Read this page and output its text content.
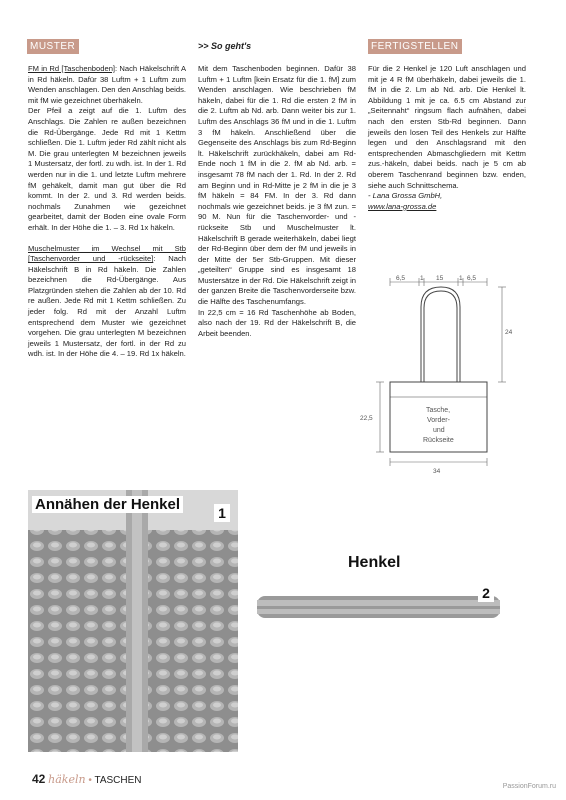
MUSTER	>> So geht's	FERTIGSTELLEN

FM in Rd [Taschenboden]: Nach Häkelschrift A in Rd häkeln. Dafür 38 Luftm + 1 Luftm zum Wenden anschlagen. Den den Anschlag beids. mit fM wie gezeichnet überhäkeln.

Der Pfeil a zeigt auf die 1. Luftm des Anschlags. Die Zahlen re außen bezeichnen die Rd-Übergänge. Jede Rd mit 1 Kettm schließen. Die 1. Luftm jeder Rd zählt nicht als M. Die grau unterlegten M bezeichnen jeweils 1 Mustersatz, der fortl. zu wdh. ist. In der 1. Rd werden nur in die 1. und letzte Luftm mehrere fM gehäkelt, damit man gut über die Rd kommt. In der 2. und 3. Rd werden beids. nochmals Zunahmen wie gezeichnet gearbeitet, damit der Boden eine ovale Form erhält. In der Höhe die 1. – 3. Rd 1x häkeln.

Muschelmuster im Wechsel mit Stb [Taschenvorder und -rückseite]: Nach Häkelschrift B in Rd häkeln. Die Zahlen bezeichnen die Rd-Übergänge. Aus Platzgründen stehen die Zahlen ab der 10. Rd re außen. Jede Rd mit 1 Kettm schließen. Zu jeder folg. Rd mit der Anzahl Luftm entsprechend dem Muster wie gezeichnet vorgehen. Die grau unterlegten M bezeichnen jeweils 1 Mustersatz, der fortl. in der Rd zu wdh. ist. In der Höhe die 4. – 19. Rd 1x häkeln.

Mit dem Taschenboden beginnen. Dafür 38 Luftm + 1 Luftm [kein Ersatz für die 1. fM] zum Wenden anschlagen. Wie beschrieben fM häkeln, dabei für die 1. Rd die ersten 2 fM in die 2. Luftm ab Nd. arb. Dann weiter bis zur 1. Luftm des Anschlags 36 fM und in die 1. Luftm 3 fM häkeln. Anschließend über die Gegenseite des Anschlags bis zum Rd-Beginn lt. Häkelschrift zurückhäkeln, dabei am Rd-Ende noch 1 fM in die 2. fM ab Nd. arb. = insgesamt 78 fM nach der 1. Rd. In der 2. Rd am Beginn und in Rd-Mitte je 2 fM in die je 3 fM häkeln = 84 FM. In der 3. Rd dann nochmals wie gezeichnet beids. je 3 fM zun. = 90 M. Nun für die Taschenvorder- und -rückseite Stb und Muschelmuster lt. Häkelschrift B gerade weiterhäkeln, dabei liegt der Rd-Beginn über dem der fM und jeweils in der Mitte der 5er Stb-Gruppen. Mit dieser „geteilten“ Gruppe sind es insgesamt 18 Mustersätze in der Rd. Die Häkelschrift zeigt in der ganzen Breite die Taschenvorderseite bzw. die Hälfte des Taschenumfangs.

In 22,5 cm = 16 Rd Taschenhöhe ab Boden, also nach der 19. Rd der Häkelschrift B, die Arbeit beenden.

Für die 2 Henkel je 120 Luft anschlagen und mit je 4 R fM überhäkeln, dabei jeweils die 1. fM in die 2. Lm ab Nd. arb. Die Henkel lt. Abbildung 1 mit je ca. 6.5 cm Abstand zur „Seitennaht“ ringsum flach aufnähen, dabei nach den ersten Stb-Rd beginnen. Dann jeweils den losen Teil des Henkels zur Hälfte legen und den Anschlagsrand mit den entsprechenden Abmaschgliedern mit Kettm zus.-häkeln, dabei beids. nach je 5 cm ab oberem Taschenrand beginnen bzw. enden, siehe auch Schnittschema.

- Lana Grossa GmbH,

www.lana-grossa.de

6,5 1 15 1 6,5
24
22,5
34
Tasche,
Vorder-
und
Rückseite
Annähen der Henkel	1
Henkel
2
42 häkeln • TASCHEN
PassionForum.ru
